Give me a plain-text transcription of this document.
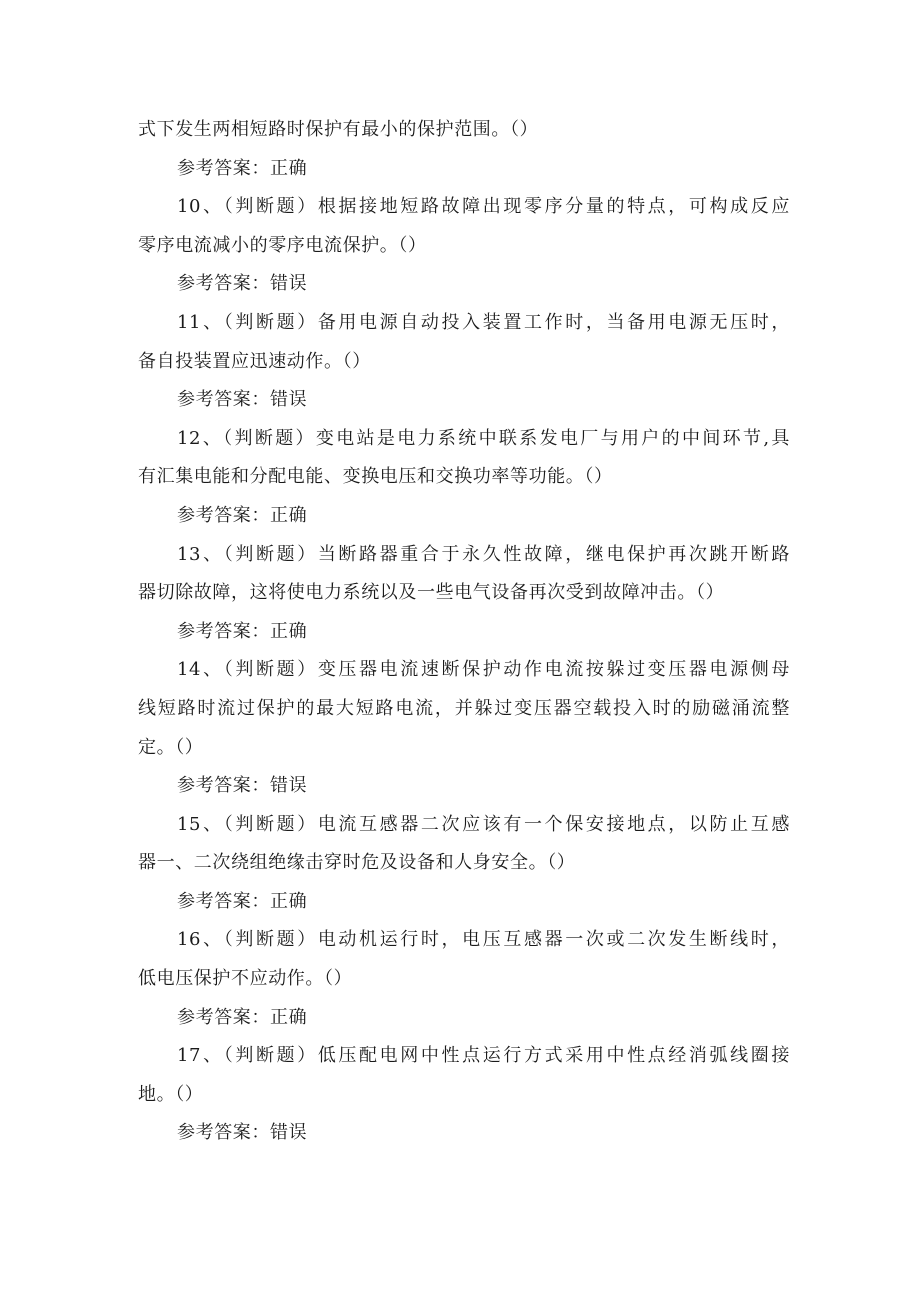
式下发生两相短路时保护有最小的保护范围。（）
参考答案：正确
10、（判断题）根据接地短路故障出现零序分量的特点，可构成反应
零序电流减小的零序电流保护。（）
参考答案：错误
11、（判断题）备用电源自动投入装置工作时，当备用电源无压时，
备自投装置应迅速动作。（）
参考答案：错误
12、（判断题）变电站是电力系统中联系发电厂与用户的中间环节,具
有汇集电能和分配电能、变换电压和交换功率等功能。（）
参考答案：正确
13、（判断题）当断路器重合于永久性故障，继电保护再次跳开断路
器切除故障，这将使电力系统以及一些电气设备再次受到故障冲击。（）
参考答案：正确
14、（判断题）变压器电流速断保护动作电流按躲过变压器电源侧母
线短路时流过保护的最大短路电流，并躲过变压器空载投入时的励磁涌流整
定。（）
参考答案：错误
15、（判断题）电流互感器二次应该有一个保安接地点，以防止互感
器一、二次绕组绝缘击穿时危及设备和人身安全。（）
参考答案：正确
16、（判断题）电动机运行时，电压互感器一次或二次发生断线时，
低电压保护不应动作。（）
参考答案：正确
17、（判断题）低压配电网中性点运行方式采用中性点经消弧线圈接
地。（）
参考答案：错误
